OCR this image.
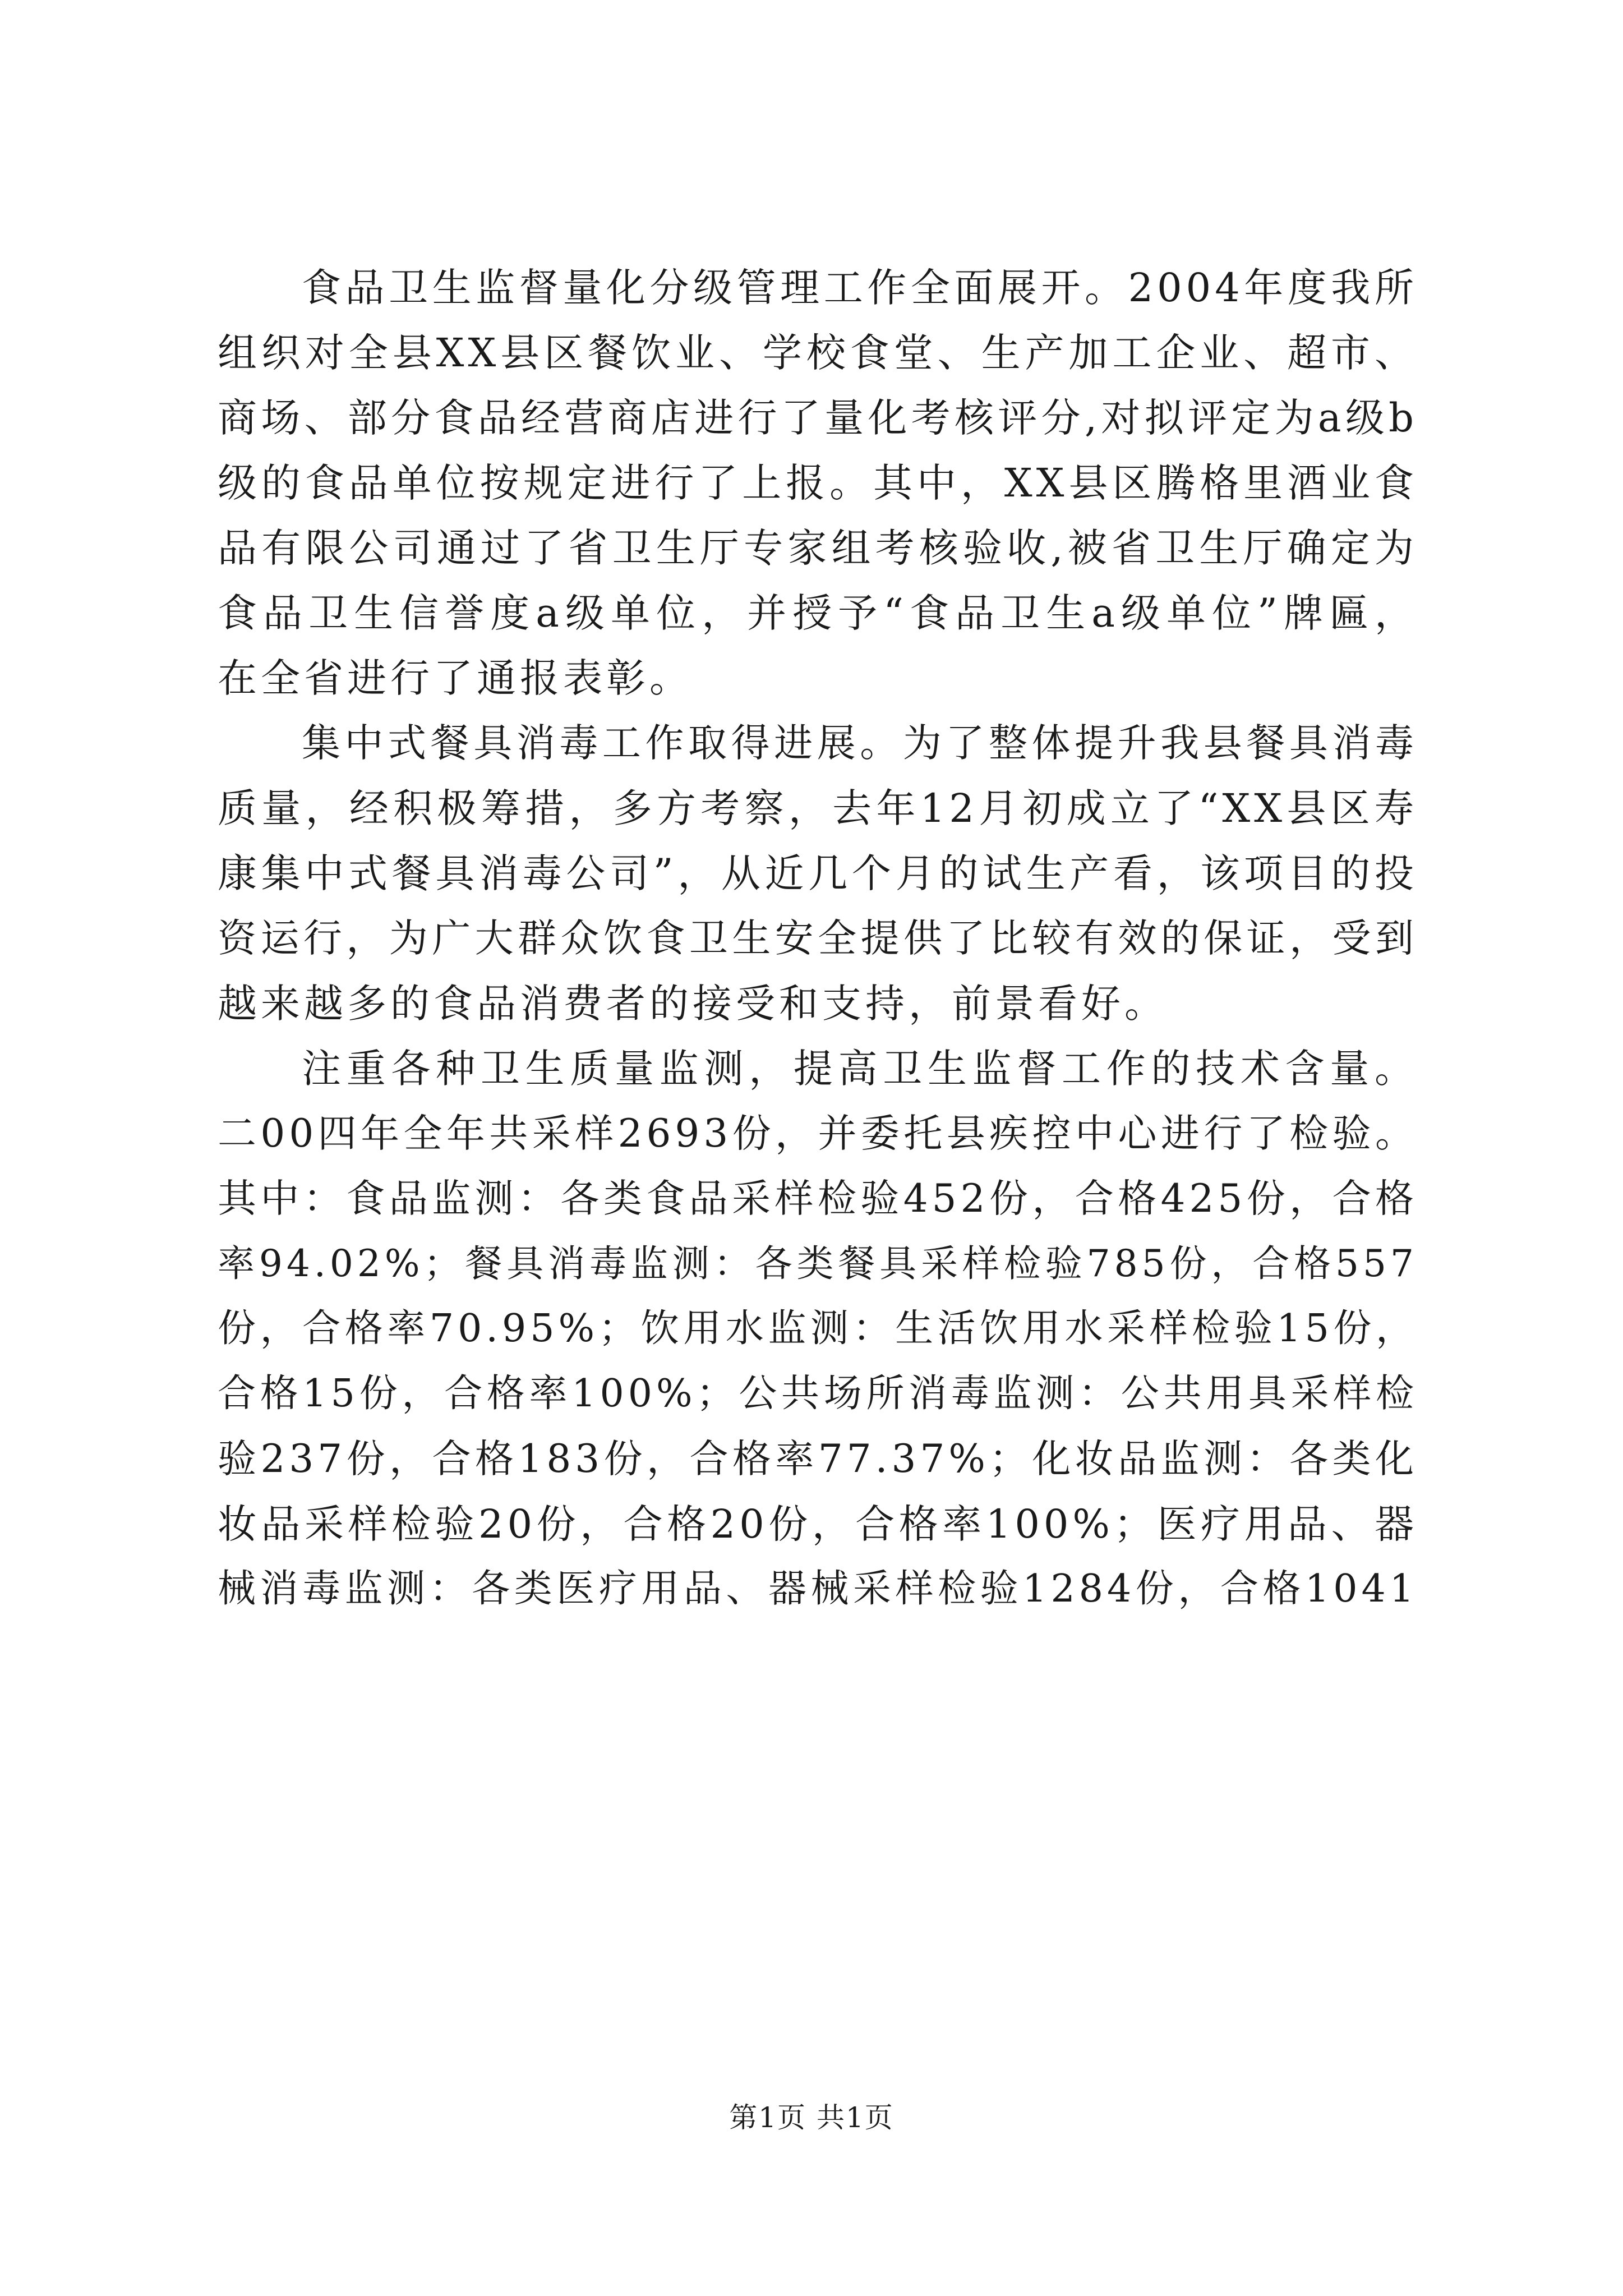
食品卫生监督量化分级管理工作全面展开。2004年度我所
组织对全县XX县区餐饮业、学校食堂、生产加工企业、超市、
商场、部分食品经营商店进行了量化考核评分,对拟评定为a级b
级的食品单位按规定进行了上报。其中，XX县区腾格里酒业食
品有限公司通过了省卫生厅专家组考核验收,被省卫生厅确定为
食品卫生信誉度a级单位，并授予“食品卫生a级单位”牌匾，
在全省进行了通报表彰。
集中式餐具消毒工作取得进展。为了整体提升我县餐具消毒
质量，经积极筹措，多方考察，去年12月初成立了“XX县区寿
康集中式餐具消毒公司”，从近几个月的试生产看，该项目的投
资运行，为广大群众饮食卫生安全提供了比较有效的保证，受到
越来越多的食品消费者的接受和支持，前景看好。
注重各种卫生质量监测，提高卫生监督工作的技术含量。
二00四年全年共采样2693份，并委托县疾控中心进行了检验。
其中：食品监测：各类食品采样检验452份，合格425份，合格
率94.02%；餐具消毒监测：各类餐具采样检验785份，合格557
份，合格率70.95%；饮用水监测：生活饮用水采样检验15份，
合格15份，合格率100%；公共场所消毒监测：公共用具采样检
验237份，合格183份，合格率77.37%；化妆品监测：各类化
妆品采样检验20份，合格20份，合格率100%；医疗用品、器
械消毒监测：各类医疗用品、器械采样检验1284份，合格1041
第1页 共1页
